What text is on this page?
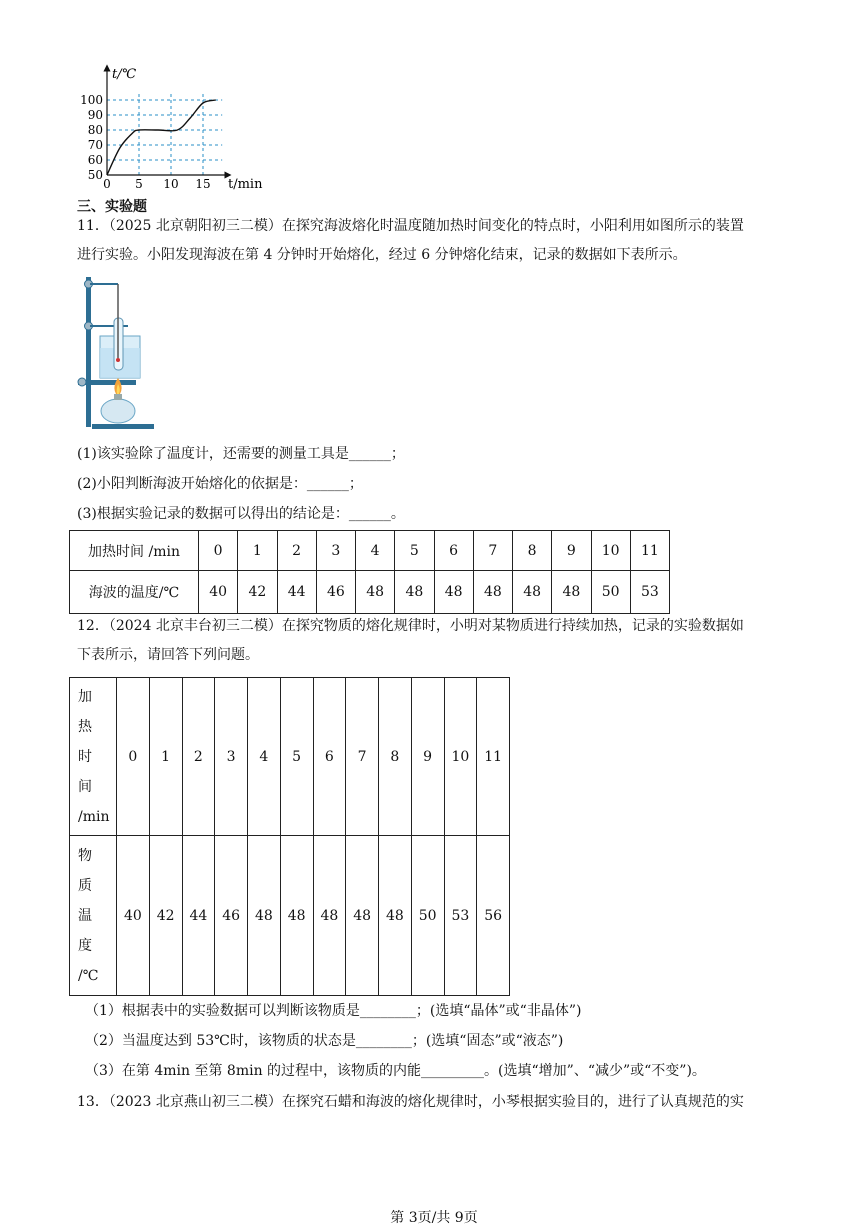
t/℃
t/min
100
90
80
70
60
50
0 5 10 15
三、实验题
11．（2025 北京朝阳初三二模）在探究海波熔化时温度随加热时间变化的特点时，小阳利用如图所示的装置
进行实验。小阳发现海波在第 4 分钟时开始熔化，经过 6 分钟熔化结束，记录的数据如下表所示。
(1)该实验除了温度计，还需要的测量工具是______；
(2)小阳判断海波开始熔化的依据是：______；
(3)根据实验记录的数据可以得出的结论是：______。
加热时间 /min	0	1	2	3	4	5	6	7	8	9	10	11
海波的温度/℃	40	42	44	46	48	48	48	48	48	48	50	53
12．（2024 北京丰台初三二模）在探究物质的熔化规律时，小明对某物质进行持续加热，记录的实验数据如
下表所示，请回答下列问题。
加
热
时
间
/min	0	1	2	3	4	5	6	7	8	9	10	11

物
质
温
度
/℃	40	42	44	46	48	48	48	48	48	50	53	56
（1）根据表中的实验数据可以判断该物质是________；(选填“晶体”或“非晶体”)
（2）当温度达到 53℃时，该物质的状态是________；(选填“固态”或“液态”)
（3）在第 4min 至第 8min 的过程中，该物质的内能_________。(选填“增加”、“减少”或“不变”)。
13．（2023 北京燕山初三二模）在探究石蜡和海波的熔化规律时，小琴根据实验目的，进行了认真规范的实
第 3页/共 9页
